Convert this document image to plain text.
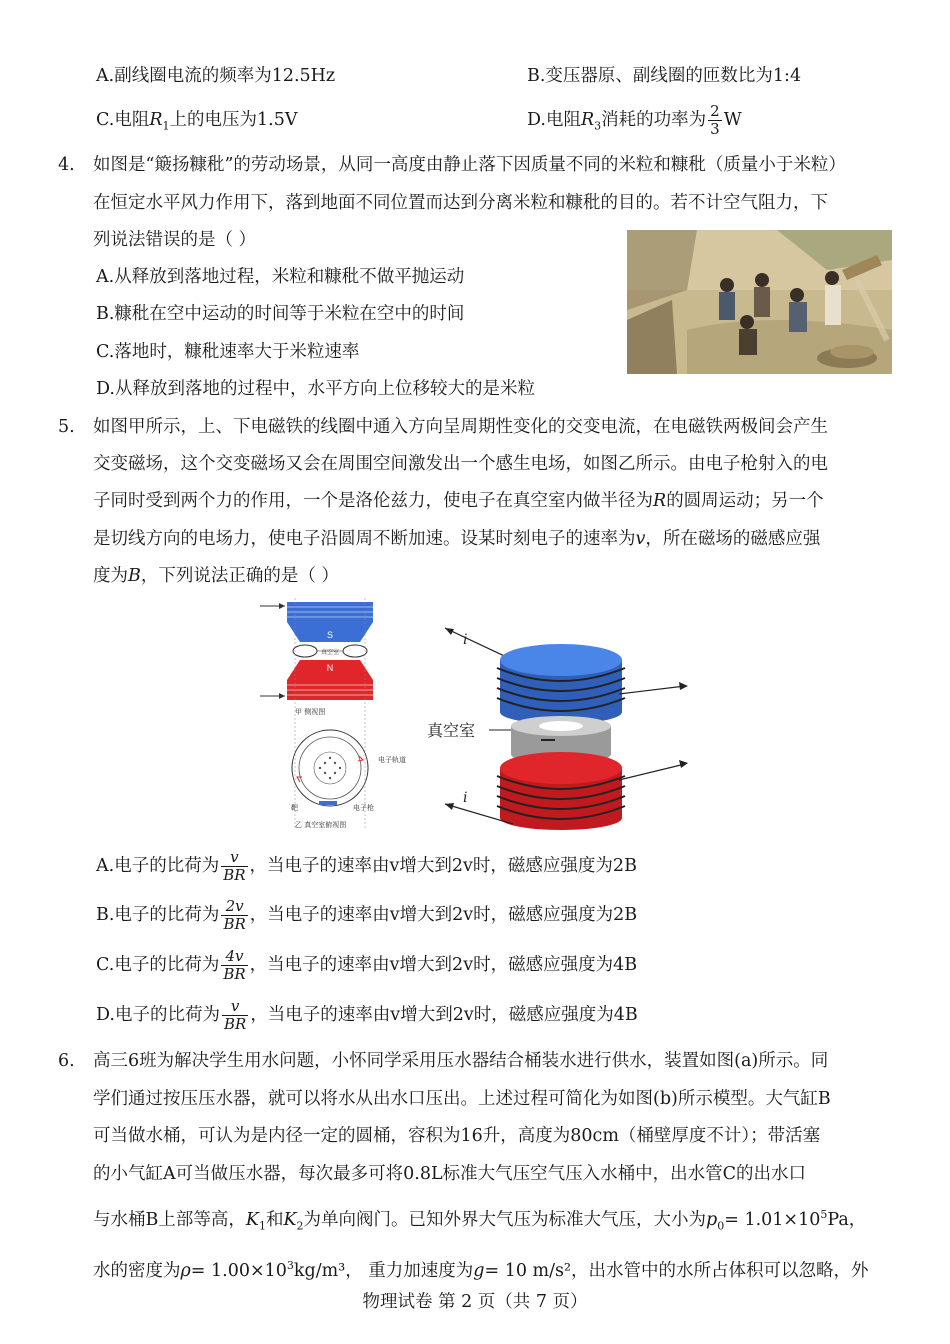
A.副线圈电流的频率为12.5Hz	B.变压器原、副线圈的匝数比为1:4
C.电阻$R_1$上的电压为1.5V	D.电阻$R_3$消耗的功率为 $\frac{2}{3}$ W
4. 如图是“簸扬糠秕”的劳动场景，从同一高度由静止落下因质量不同的米粒和糠秕（质量小于米粒）
在恒定水平风力作用下，落到地面不同位置而达到分离米粒和糠秕的目的。若不计空气阻力，下
列说法错误的是（ ）
A.从释放到落地过程，米粒和糠秕不做平抛运动
B.糠秕在空中运动的时间等于米粒在空中的时间
C.落地时，糠秕速率大于米粒速率
D.从释放到落地的过程中，水平方向上位移较大的是米粒
5. 如图甲所示，上、下电磁铁的线圈中通入方向呈周期性变化的交变电流，在电磁铁两极间会产生
交变磁场，这个交变磁场又会在周围空间激发出一个感生电场，如图乙所示。由电子枪射入的电
子同时受到两个力的作用，一个是洛伦兹力，使电子在真空室内做半径为R的圆周运动；另一个
是切线方向的电场力，使电子沿圆周不断加速。设某时刻电子的速率为v，所在磁场的磁感应强
度为B，下列说法正确的是（ ）
S
真空室
N
甲 侧视图
电子轨道
靶	电子枪
乙 真空室俯视图
i
真空室
i
A.电子的比荷为 $\frac{v}{BR}$ ，当电子的速率由v增大到2v时，磁感应强度为2B
B.电子的比荷为 $\frac{2v}{BR}$ ，当电子的速率由v增大到2v时，磁感应强度为2B
C.电子的比荷为 $\frac{4v}{BR}$ ，当电子的速率由v增大到2v时，磁感应强度为4B
D.电子的比荷为 $\frac{v}{BR}$ ，当电子的速率由v增大到2v时，磁感应强度为4B
6. 高三6班为解决学生用水问题，小怀同学采用压水器结合桶装水进行供水，装置如图(a)所示。同
学们通过按压压水器，就可以将水从出水口压出。上述过程可简化为如图(b)所示模型。大气缸B
可当做水桶，可认为是内径一定的圆桶，容积为16升，高度为80cm（桶壁厚度不计）；带活塞
的小气缸A可当做压水器，每次最多可将0.8L标准大气压空气压入水桶中，出水管C的出水口
与水桶B上部等高，$K_1$和$K_2$为单向阀门。已知外界大气压为标准大气压，大小为$p_0= 1.01\times 10^5Pa$，
水的密度为$\rho= 1.00\times 10^3kg/m^3$， 重力加速度为g= 10 m/s²，出水管中的水所占体积可以忽略，外
物理试卷 第 2 页（共 7 页）
